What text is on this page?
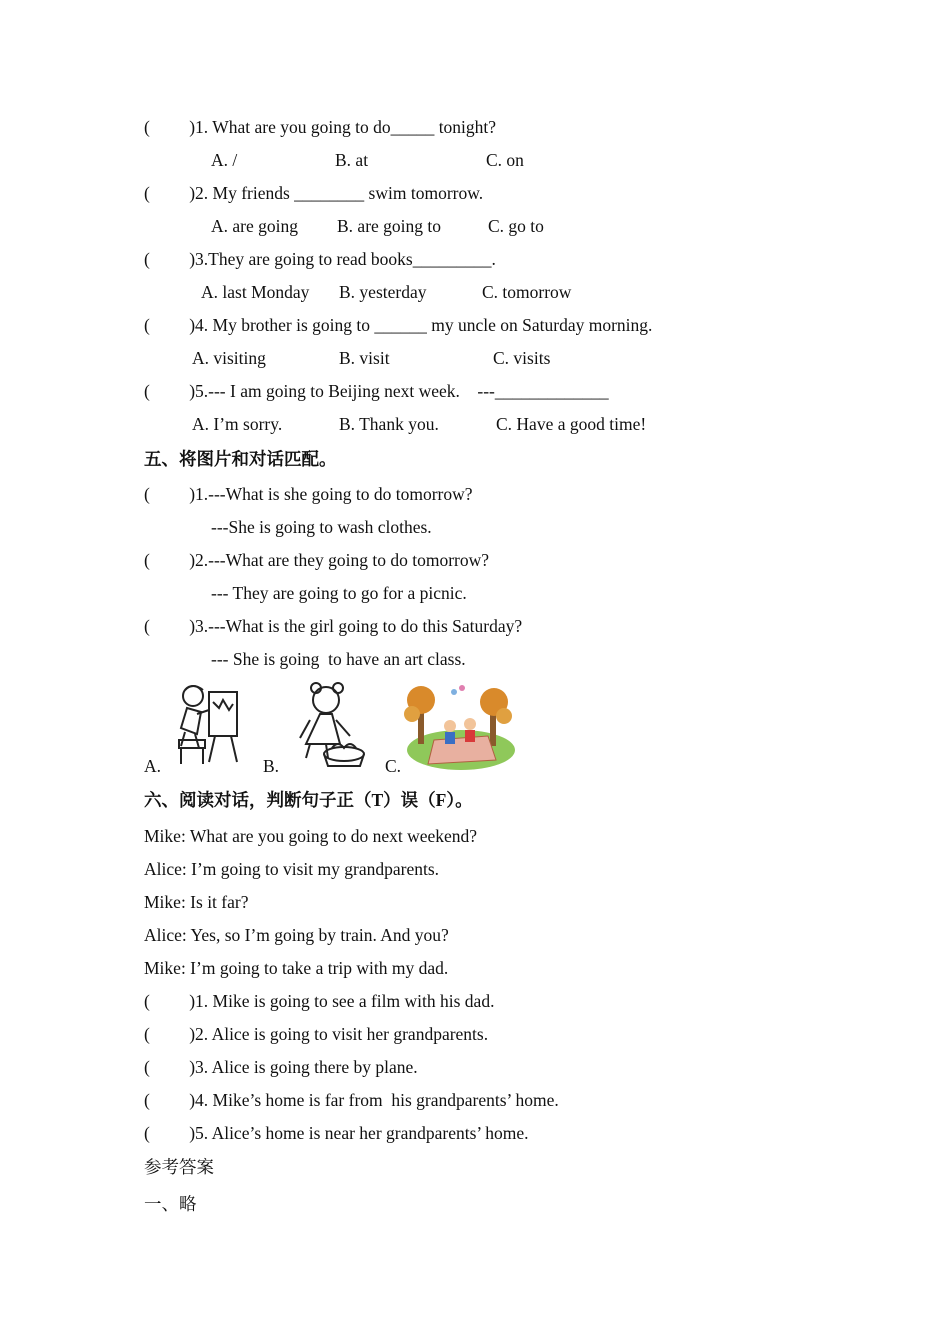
(         )1. What are you going to do_____ tonight?
A. /	B. at	C. on
(         )2. My friends ________ swim tomorrow.
A. are going B. are going to	C. go to
(         )3.They are going to read books_________.
A. last Monday B. yesterday	C. tomorrow
(         )4. My brother is going to ______ my uncle on Saturday morning.
A. visiting	B. visit	C. visits
(         )5.--- I am going to Beijing next week.    ---_____________
A. I’m sorry.	B. Thank you.	C. Have a good time!
五、将图片和对话匹配。
(         )1.---What is she going to do tomorrow?
---She is going to wash clothes.
(         )2.---What are they going to do tomorrow?
--- They are going to go for a picnic.
(         )3.---What is the girl going to do this Saturday?
--- She is going  to have an art class.
A.	B.	C.
六、阅读对话，判断句子正（T）误（F）。
Mike: What are you going to do next weekend?
Alice: I’m going to visit my grandparents.
Mike: Is it far?
Alice: Yes, so I’m going by train. And you?
Mike: I’m going to take a trip with my dad.
(         )1. Mike is going to see a film with his dad.
(         )2. Alice is going to visit her grandparents.
(         )3. Alice is going there by plane.
(         )4. Mike’s home is far from  his grandparents’ home.
(         )5. Alice’s home is near her grandparents’ home.
参考答案
一、略
